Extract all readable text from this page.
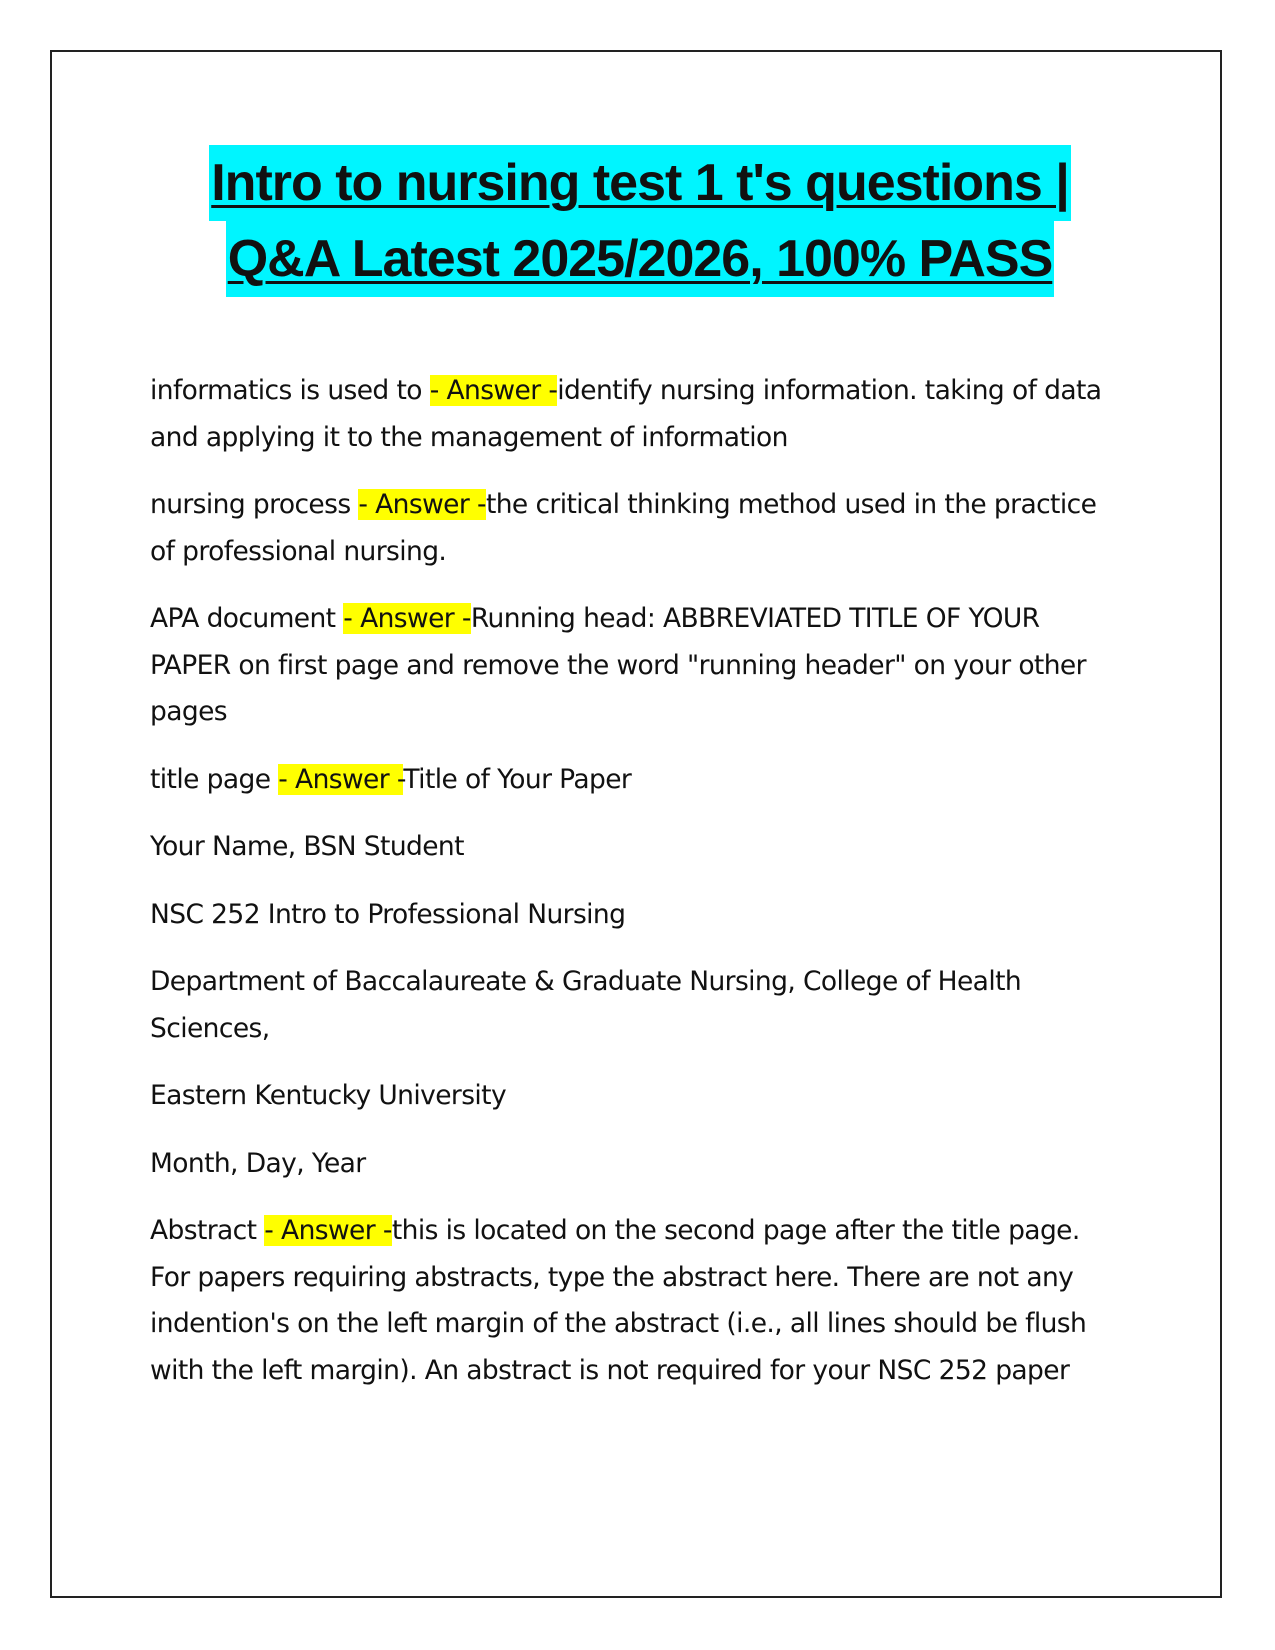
Intro to nursing test 1 t's questions |
Q&A Latest 2025/2026, 100% PASS

informatics is used to - Answer -identify nursing information. taking of data and applying it to the management of information

nursing process - Answer -the critical thinking method used in the practice of professional nursing.

APA document - Answer -Running head: ABBREVIATED TITLE OF YOUR PAPER on first page and remove the word "running header" on your other pages

title page - Answer -Title of Your Paper

Your Name, BSN Student

NSC 252 Intro to Professional Nursing

Department of Baccalaureate & Graduate Nursing, College of Health Sciences,

Eastern Kentucky University

Month, Day, Year

Abstract - Answer -this is located on the second page after the title page. For papers requiring abstracts, type the abstract here. There are not any indention's on the left margin of the abstract (i.e., all lines should be flush with the left margin). An abstract is not required for your NSC 252 paper
